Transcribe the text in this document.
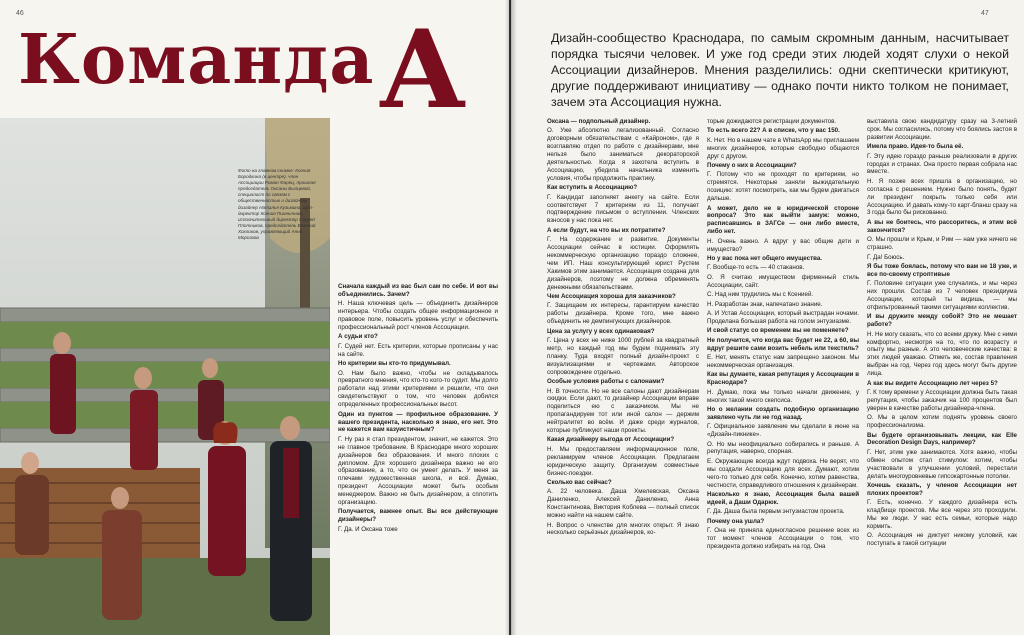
46
КомандаА
Фото на главном снимке: Ксения Бородкина (в центре), член Ассоциации Роман Фарец, прошлая председатель Оксаны Былцевой, специалист по связям с общественностью и дизайнеру, дизайнер Наталья Кузьмина, арт-директор Ксения Пшеничная, исполнительный директор Сергей Плотников, председатель Евгений Хохликов, управляющий Анна Морозова

Сначала каждый из вас был сам по себе. И вот вы объединились. Зачем?

Н. Наша ключевая цель — объединить дизайнеров интерьера. Чтобы создать общее информационное и правовое поле, повысить уровень услуг и обеспечить профессиональный рост членов Ассоциации.

А судьи кто?

Г. Судей нет. Есть критерии, которые прописаны у нас на сайте.

Но критерии вы кто-то придумывал.

О. Нам было важно, чтобы не складывалось превратного мнения, что кто-то кого-то судит. Мы долго работали над этими критериями и решили, что они свидетельствуют о том, что человек добился определенных профессиональных высот.

Один из пунктов — профильное образование. У вашего президента, насколько я знаю, его нет. Это не кажется вам казуистичным?

Г. Ну раз я стал президентом, значит, не кажется. Это не главное требование. В Краснодаре много хороших дизайнеров без образования. И много плохих с дипломом. Для хорошего дизайнера важно не его образование, а то, что он умеет делать. У меня за плечами художественная школа, и всё. Думаю, президент Ассоциации может быть особым менеджером. Важно не быть дизайнером, а сплотить организацию.

Получается, важнее опыт. Вы все действующие дизайнеры?

Г. Да. И Оксана тоже

47
Дизайн-сообщество Краснодара, по самым скромным данным, насчитывает порядка тысячи человек. И уже год среди этих людей ходят слухи о некой Ассоциации дизайнеров. Мнения разделились: одни скептически критикуют, другие поддерживают инициативу — однако почти никто толком не понимает, зачем эта Ассоциация нужна.

Оксана — подпольный дизайнер.

О. Уже абсолютно легализованный. Согласно договорным обязательствам с «Кайроном», где я возглавляю отдел по работе с дизайнерами, мне нельзя было заниматься декораторской деятельностью. Когда я захотела вступить в Ассоциацию, убедила начальника изменить условия, чтобы продолжить практику.

Как вступить в Ассоциацию?

Г. Кандидат заполняет анкету на сайте. Если соответствует 7 критериям из 11, получает подтверждение письмом о вступлении. Членских взносов у нас пока нет.

А если будут, на что вы их потратите?

Г. На содержание и развитие. Документы Ассоциации сейчас в юстиции. Оформлять некоммерческую организацию гораздо сложнее, чем ИП. Наш консультирующий юрист Рустем Хакимов этим занимается. Ассоциация создана для дизайнеров, поэтому не должна обременять денежными обязательствами.

Чем Ассоциация хороша для заказчиков?

Г. Защищаем их интересы, гарантируем качество работы дизайнера. Кроме того, мне важно объединить не демпингующих дизайнеров.

Цена за услугу у всех одинаковая?

Г. Цена у всех не ниже 1000 рублей за квадратный метр, но каждый год мы будем поднимать эту планку. Туда входят полный дизайн-проект с визуализациями и чертежами. Авторское сопровождение отдельно.

Особые условия работы с салонами?

Н. В точности. Но не все салоны дают дизайнерам скидки. Если дают, то дизайнер Ассоциации вправе поделиться ею с заказчиком. Мы не пропагандируем тот или иной салон — держим нейтралитет во всём. И даже среди журналов, которые публикуют наши проекты.

Какая дизайнеру выгода от Ассоциации?

Н. Мы предоставляем информационное поле, рекламируем членов Ассоциации. Предлагаем юридическую защиту. Организуем совместные бизнес-поездки.

Сколько вас сейчас?

А. 22 человека. Даша Хмелевская, Оксана Даниленко, Алексей Даниленко, Анна Константинова, Виктория Коблева — полный список можно найти на нашем сайте.

Н. Вопрос о членстве для многих открыт. Я знаю несколько серьёзных дизайнеров, ко-

торые дожидаются регистрации документов.

То есть всего 22? А в списке, что у вас 150.

К. Нет. Но в нашем чате в WhatsApp мы приглашаем многих дизайнеров, которые свободно общаются друг с другом.

Почему о них в Ассоциации?

Г. Потому что не проходят по критериям, но стремятся. Некоторые заняли выжидательную позицию: хотят посмотреть, как мы будем двигаться дальше.

А может, дело не в юридической стороне вопроса? Это как выйти замуж: можно, расписавшись в ЗАГСе — они либо вместе, либо нет.

Н. Очень важно. А вдруг у вас общие дети и имущество?

Но у вас пока нет общего имущества.

Г. Вообще-то есть — 40 стаканов.

О. Я считаю имуществом фирменный стиль Ассоциации, сайт.

С. Над ним трудились мы с Ксенией.

Н. Разработан знак, напечатано знание.

А. И Устав Ассоциации, который выстрадан ночами. Проделана большая работа на голом энтузиазме.

И свой статус со временем вы не поменяете?

Не получится, что когда вас будет не 22, а 60, вы вдруг решите сами возить небель или текстиль?

Е. Нет, менять статус нам запрещено законом. Мы некоммерческая организация.

Как вы думаете, какая репутация у Ассоциации в Краснодаре?

Н. Думаю, пока мы только начали движение, у многих такой много скепсиса.

Но о желании создать подобную организацию заявлено чуть ли не год назад.

Г. Официальное заявление мы сделали в июне на «Дизайн-пикнике».

О. Но мы неофициально собирались и раньше. А репутация, наверно, спорная.

Е. Окружающие всегда ждут подвоха. Не верят, что мы создали Ассоциацию для всех. Думают, хотим чего-то только для себя. Конечно, хотим равенства, честности, справедливого отношения к дизайнерам.

Насколько я знаю, Ассоциация была вашей идеей, а Даши Одарюк.

Г. Да. Даша была первым энтузиастом проекта.

Почему она ушла?

Г. Она не приняла единогласное решение всех из тот момент членов Ассоциации о том, что президента должно избирать на год. Она

выставила свою кандидатуру сразу на 3-летний срок. Мы согласились, потому что боялись застоя в развитии Ассоциации.

Имела право. Идея-то была её.

Г. Эту идею гораздо раньше реализовали в других городах и странах. Она просто первая собрала нас вместе.

Н. Я позже всех пришла в организацию, но согласна с решением. Нужно было понять, будет ли президент покрыть только себя или Ассоциацию. И давать кому-то карт-бланш сразу на 3 года было бы рискованно.

А вы не боитесь, что рассоритесь, и этим всё закончится?

О. Мы прошли и Крым, и Рим — нам уже ничего не страшно.

Г. Да! Боюсь.

Я бы тоже боялась, потому что вам не 18 уже, и все по-своему строптивые

Г. Половине ситуации уже случались, и мы через них прошли. Состав из 7 человек президиума Ассоциации, который ты видишь, — мы отфильтрованный такими ситуациями коллектив.

И вы дружите между собой? Это не мешает работе?

Н. Не могу сказать, что со всеми дружу. Мне с ними комфортно, несмотря на то, что по возрасту и опыту мы разные. А это человеческие качества: в этих людей уважаю. Отметь же, состав правления выбран на год. Через год здесь могут быть другие лица.

А как вы видите Ассоциацию лет через 5?

Г. К тому времени у Ассоциации должна быть такая репутация, чтобы заказчик на 100 процентов был уверен в качестве работы дизайнера-члена.

О. Мы в целом хотим поднять уровень своего профессионализма.

Вы будете организовывать лекции, как Elle Decoration Design Days, например?

Г. Нет, этим уже занимаются. Хотя важно, чтобы обмен опытом стал стимулом: хотим, чтобы участвовали в улучшении условий, перестали делать многоуровневые гипсокартонные потолки.

Хочешь сказать, у членов Ассоциации нет плохих проектов?

Г. Есть, конечно. У каждого дизайнера есть кладбище проектов. Мы все через это проходили. Мы же люди. У нас есть семьи, которые надо кормить.

О. Ассоциация не диктует никому условий, как поступать в такой ситуации
